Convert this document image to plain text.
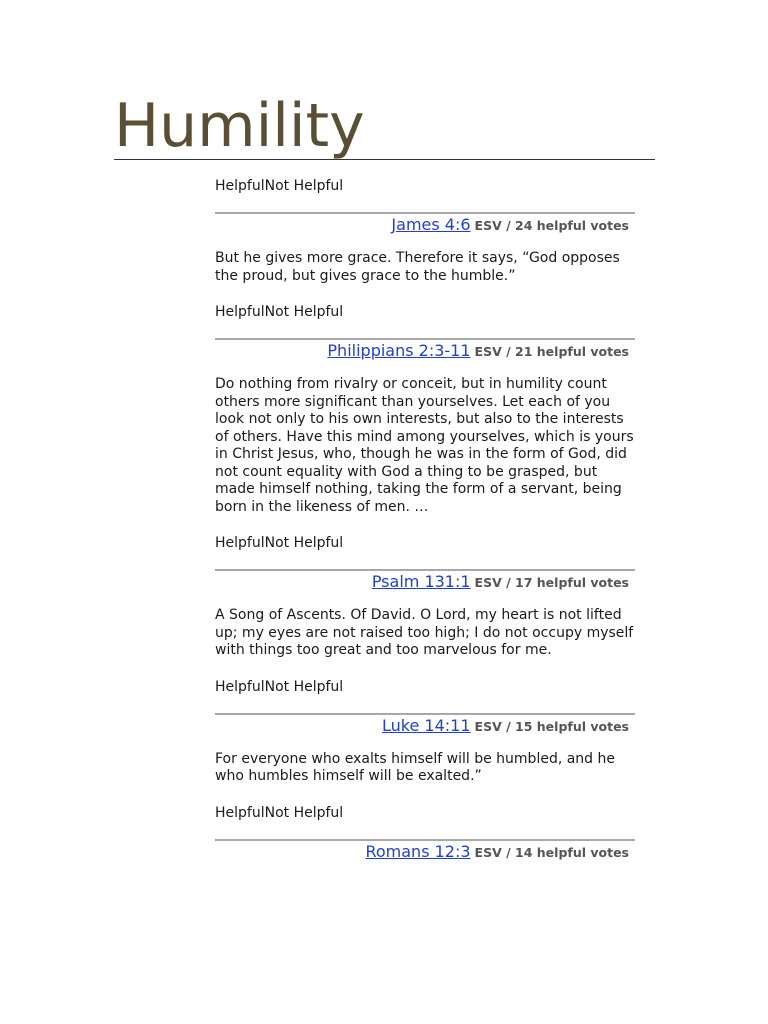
Humility
HelpfulNot Helpful
James 4:6 ESV / 24 helpful votes

But he gives more grace. Therefore it says, “God opposes the proud, but gives grace to the humble.”

HelpfulNot Helpful
Philippians 2:3-11 ESV / 21 helpful votes

Do nothing from rivalry or conceit, but in humility count others more significant than yourselves. Let each of you look not only to his own interests, but also to the interests of others. Have this mind among yourselves, which is yours in Christ Jesus, who, though he was in the form of God, did not count equality with God a thing to be grasped, but made himself nothing, taking the form of a servant, being born in the likeness of men. …

HelpfulNot Helpful
Psalm 131:1 ESV / 17 helpful votes

A Song of Ascents. Of David. O Lord, my heart is not lifted up; my eyes are not raised too high; I do not occupy myself with things too great and too marvelous for me.

HelpfulNot Helpful
Luke 14:11 ESV / 15 helpful votes

For everyone who exalts himself will be humbled, and he who humbles himself will be exalted.”

HelpfulNot Helpful
Romans 12:3 ESV / 14 helpful votes
